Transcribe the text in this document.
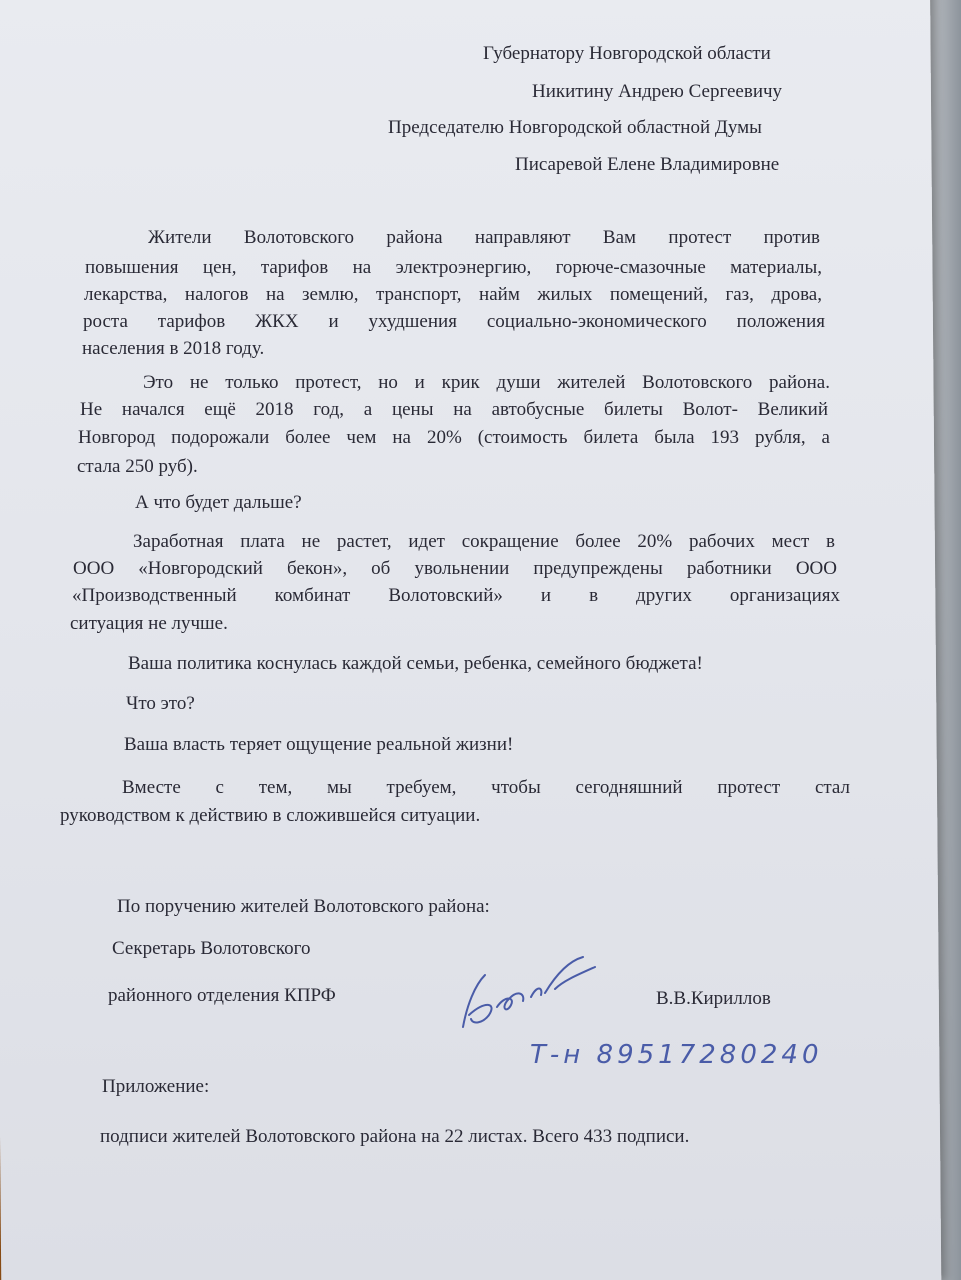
Губернатору Новгородской области
Никитину Андрею Сергеевичу
Председателю Новгородской областной Думы
Писаревой Елене Владимировне
Жители Волотовского района направляют Вам протест против
повышения цен, тарифов на электроэнергию, горюче-смазочные материалы,
лекарства, налогов на землю, транспорт, найм жилых помещений, газ, дрова,
роста тарифов ЖКХ и ухудшения социально-экономического положения
населения в 2018 году.
Это не только протест, но и крик души жителей Волотовского района.
Не начался ещё 2018 год, а цены на автобусные билеты Волот- Великий
Новгород подорожали более чем на 20% (стоимость билета была 193 рубля, а
стала 250 руб).
А что будет дальше?
Заработная плата не растет, идет сокращение более 20% рабочих мест в
ООО «Новгородский бекон», об увольнении предупреждены работники ООО
«Производственный комбинат Волотовский» и в других организациях
ситуация не лучше.
Ваша политика коснулась каждой семьи, ребенка, семейного бюджета!
Что это?
Ваша власть теряет ощущение реальной жизни!
Вместе с тем, мы требуем, чтобы сегодняшний протест стал
руководством к действию в сложившейся ситуации.
По поручению жителей Волотовского района:
Секретарь Волотовского
районного отделения КПРФ	В.В.Кириллов
Т-н 89517280240
Приложение:
подписи жителей Волотовского района на 22 листах. Всего 433 подписи.
